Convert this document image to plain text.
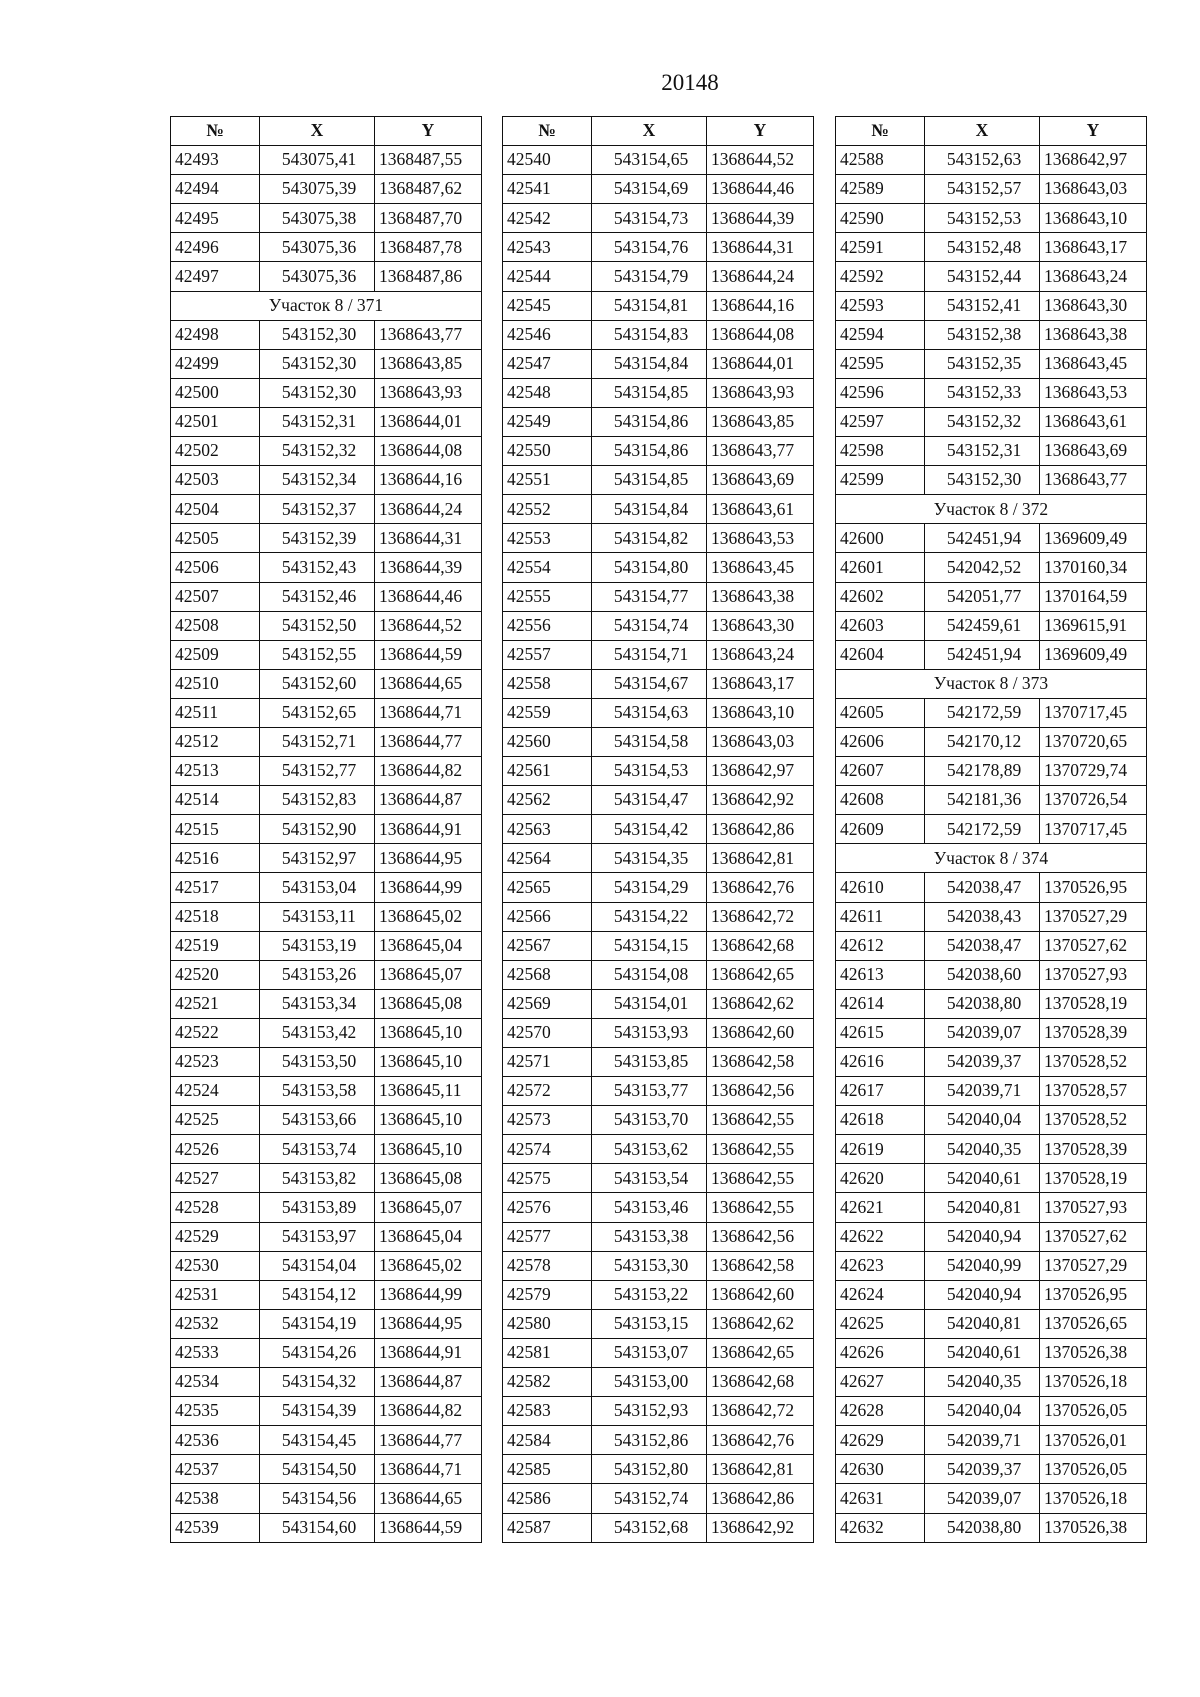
20148
№	X	Y
42493	543075,41	1368487,55
42494	543075,39	1368487,62
42495	543075,38	1368487,70
42496	543075,36	1368487,78
42497	543075,36	1368487,86
Участок 8 / 371		
42498	543152,30	1368643,77
42499	543152,30	1368643,85
42500	543152,30	1368643,93
42501	543152,31	1368644,01
42502	543152,32	1368644,08
42503	543152,34	1368644,16
42504	543152,37	1368644,24
42505	543152,39	1368644,31
42506	543152,43	1368644,39
42507	543152,46	1368644,46
42508	543152,50	1368644,52
42509	543152,55	1368644,59
42510	543152,60	1368644,65
42511	543152,65	1368644,71
42512	543152,71	1368644,77
42513	543152,77	1368644,82
42514	543152,83	1368644,87
42515	543152,90	1368644,91
42516	543152,97	1368644,95
42517	543153,04	1368644,99
42518	543153,11	1368645,02
42519	543153,19	1368645,04
42520	543153,26	1368645,07
42521	543153,34	1368645,08
42522	543153,42	1368645,10
42523	543153,50	1368645,10
42524	543153,58	1368645,11
42525	543153,66	1368645,10
42526	543153,74	1368645,10
42527	543153,82	1368645,08
42528	543153,89	1368645,07
42529	543153,97	1368645,04
42530	543154,04	1368645,02
42531	543154,12	1368644,99
42532	543154,19	1368644,95
42533	543154,26	1368644,91
42534	543154,32	1368644,87
42535	543154,39	1368644,82
42536	543154,45	1368644,77
42537	543154,50	1368644,71
42538	543154,56	1368644,65
42539	543154,60	1368644,59
№	X	Y
42540	543154,65	1368644,52
42541	543154,69	1368644,46
42542	543154,73	1368644,39
42543	543154,76	1368644,31
42544	543154,79	1368644,24
42545	543154,81	1368644,16
42546	543154,83	1368644,08
42547	543154,84	1368644,01
42548	543154,85	1368643,93
42549	543154,86	1368643,85
42550	543154,86	1368643,77
42551	543154,85	1368643,69
42552	543154,84	1368643,61
42553	543154,82	1368643,53
42554	543154,80	1368643,45
42555	543154,77	1368643,38
42556	543154,74	1368643,30
42557	543154,71	1368643,24
42558	543154,67	1368643,17
42559	543154,63	1368643,10
42560	543154,58	1368643,03
42561	543154,53	1368642,97
42562	543154,47	1368642,92
42563	543154,42	1368642,86
42564	543154,35	1368642,81
42565	543154,29	1368642,76
42566	543154,22	1368642,72
42567	543154,15	1368642,68
42568	543154,08	1368642,65
42569	543154,01	1368642,62
42570	543153,93	1368642,60
42571	543153,85	1368642,58
42572	543153,77	1368642,56
42573	543153,70	1368642,55
42574	543153,62	1368642,55
42575	543153,54	1368642,55
42576	543153,46	1368642,55
42577	543153,38	1368642,56
42578	543153,30	1368642,58
42579	543153,22	1368642,60
42580	543153,15	1368642,62
42581	543153,07	1368642,65
42582	543153,00	1368642,68
42583	543152,93	1368642,72
42584	543152,86	1368642,76
42585	543152,80	1368642,81
42586	543152,74	1368642,86
42587	543152,68	1368642,92
№	X	Y
42588	543152,63	1368642,97
42589	543152,57	1368643,03
42590	543152,53	1368643,10
42591	543152,48	1368643,17
42592	543152,44	1368643,24
42593	543152,41	1368643,30
42594	543152,38	1368643,38
42595	543152,35	1368643,45
42596	543152,33	1368643,53
42597	543152,32	1368643,61
42598	543152,31	1368643,69
42599	543152,30	1368643,77
Участок 8 / 372		
42600	542451,94	1369609,49
42601	542042,52	1370160,34
42602	542051,77	1370164,59
42603	542459,61	1369615,91
42604	542451,94	1369609,49
Участок 8 / 373		
42605	542172,59	1370717,45
42606	542170,12	1370720,65
42607	542178,89	1370729,74
42608	542181,36	1370726,54
42609	542172,59	1370717,45
Участок 8 / 374		
42610	542038,47	1370526,95
42611	542038,43	1370527,29
42612	542038,47	1370527,62
42613	542038,60	1370527,93
42614	542038,80	1370528,19
42615	542039,07	1370528,39
42616	542039,37	1370528,52
42617	542039,71	1370528,57
42618	542040,04	1370528,52
42619	542040,35	1370528,39
42620	542040,61	1370528,19
42621	542040,81	1370527,93
42622	542040,94	1370527,62
42623	542040,99	1370527,29
42624	542040,94	1370526,95
42625	542040,81	1370526,65
42626	542040,61	1370526,38
42627	542040,35	1370526,18
42628	542040,04	1370526,05
42629	542039,71	1370526,01
42630	542039,37	1370526,05
42631	542039,07	1370526,18
42632	542038,80	1370526,38
